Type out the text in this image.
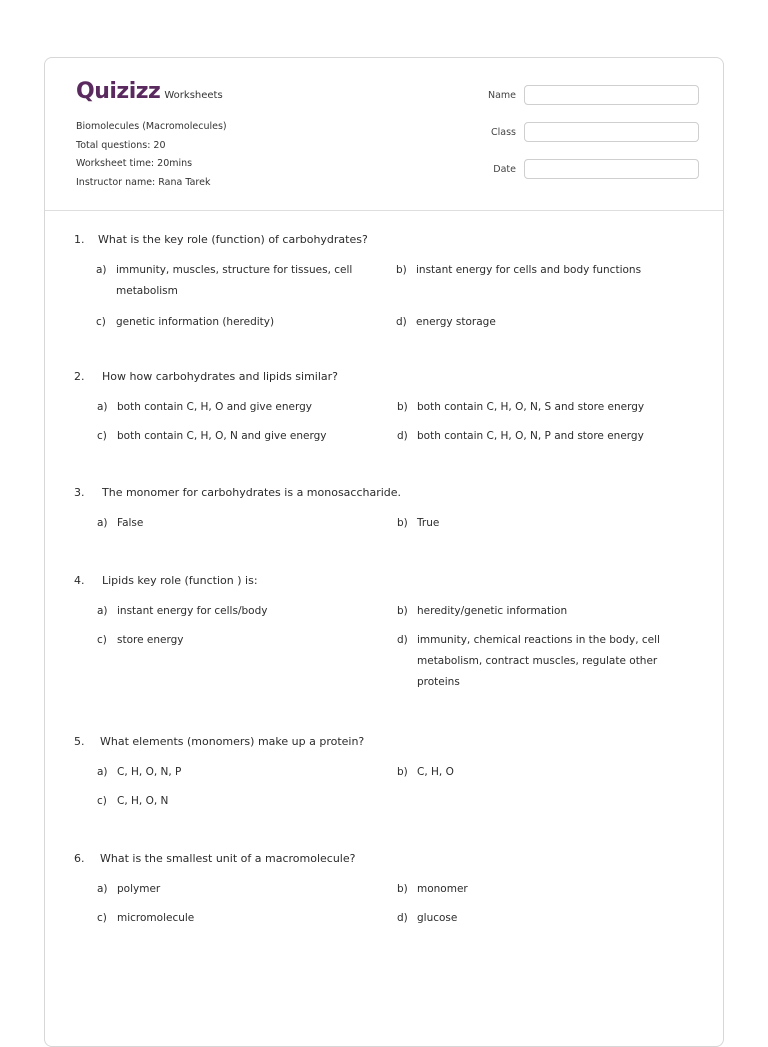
Quizizz Worksheets
Biomolecules (Macromolecules)
Total questions: 20
Worksheet time: 20mins
Instructor name: Rana Tarek
Name
Class
Date
1.	What is the key role (function) of carbohydrates?
a) immunity, muscles, structure for tissues, cell metabolism
b) instant energy for cells and body functions
c) genetic information (heredity)	d) energy storage
2.	How how carbohydrates and lipids similar?
a) both contain C, H, O and give energy	b) both contain C, H, O, N, S and store energy
c) both contain C, H, O, N and give energy	d) both contain C, H, O, N, P and store energy
3.	The monomer for carbohydrates is a monosaccharide.
a) False	b) True
4.	Lipids key role (function ) is:
a) instant energy for cells/body	b) heredity/genetic information
c) store energy	d) immunity, chemical reactions in the body, cell metabolism, contract muscles, regulate other proteins
5.	What elements (monomers) make up a protein?
a) C, H, O, N, P	b) C, H, O
c) C, H, O, N
6.	What is the smallest unit of a macromolecule?
a) polymer	b) monomer
c) micromolecule	d) glucose
